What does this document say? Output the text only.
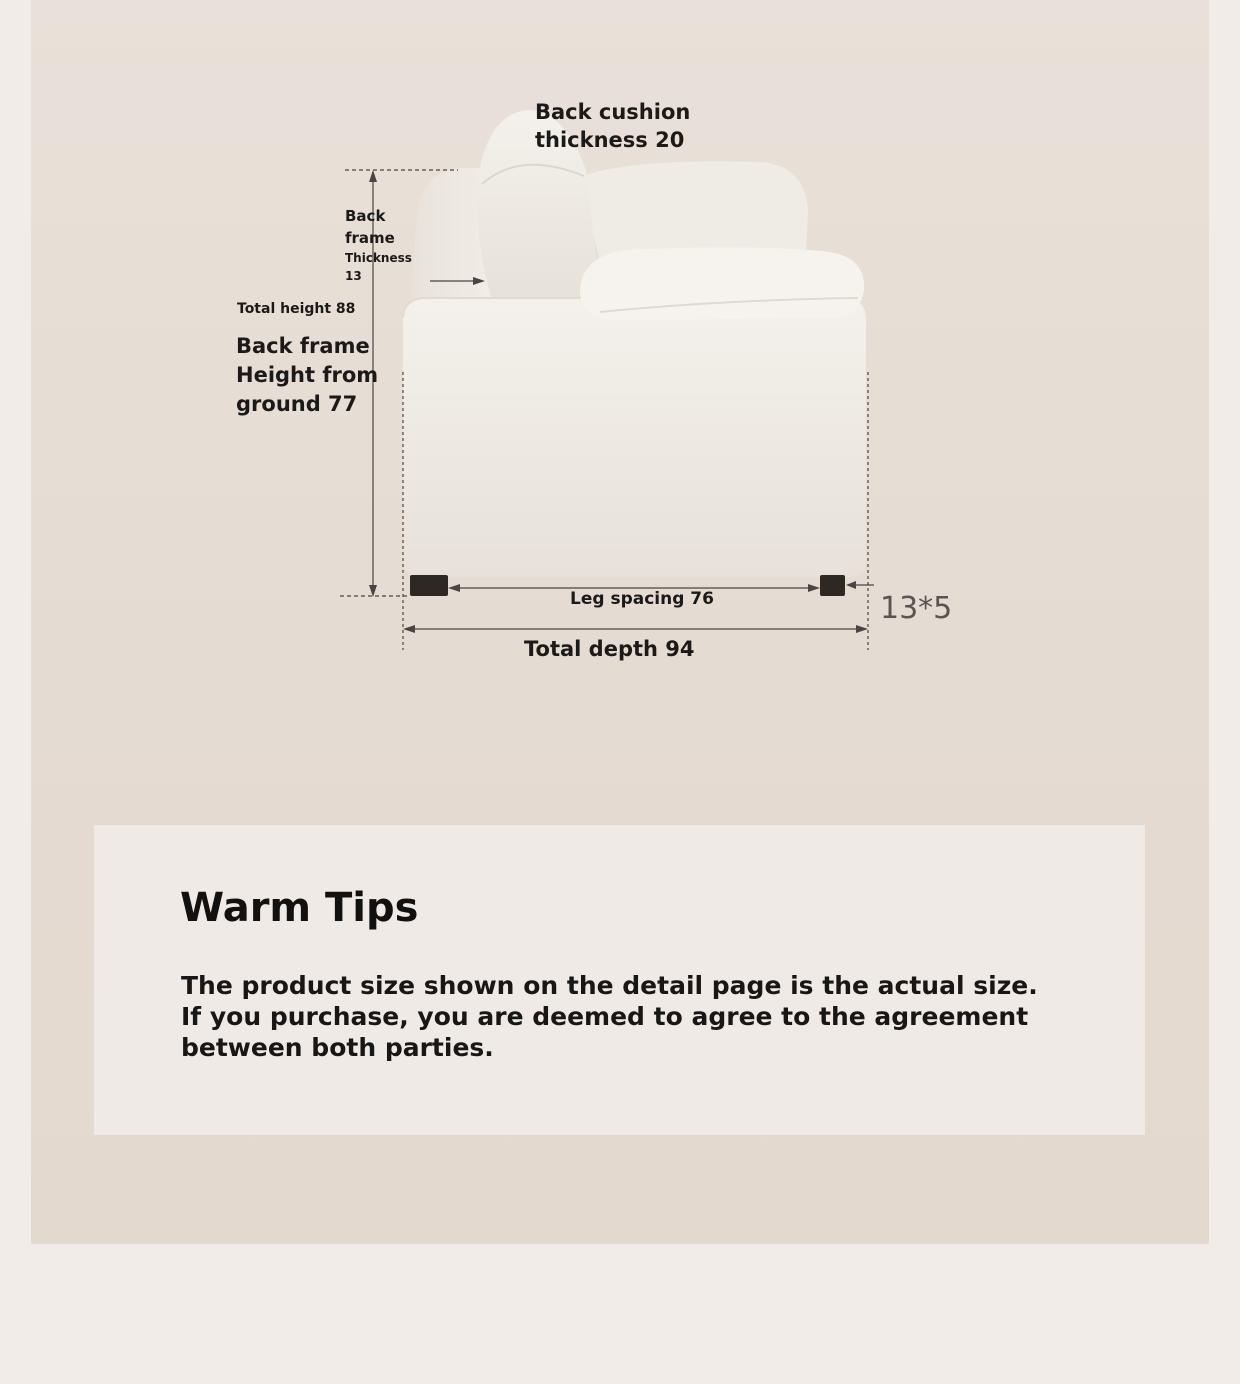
Back cushion
thickness 20

Back
frame
Thickness
13

Total height 88

Back frame
Height from
ground 77

Leg spacing 76	13*5

Total depth 94

Warm Tips

The product size shown on the detail page is the actual size. If you purchase, you are deemed to agree to the agreement between both parties.
